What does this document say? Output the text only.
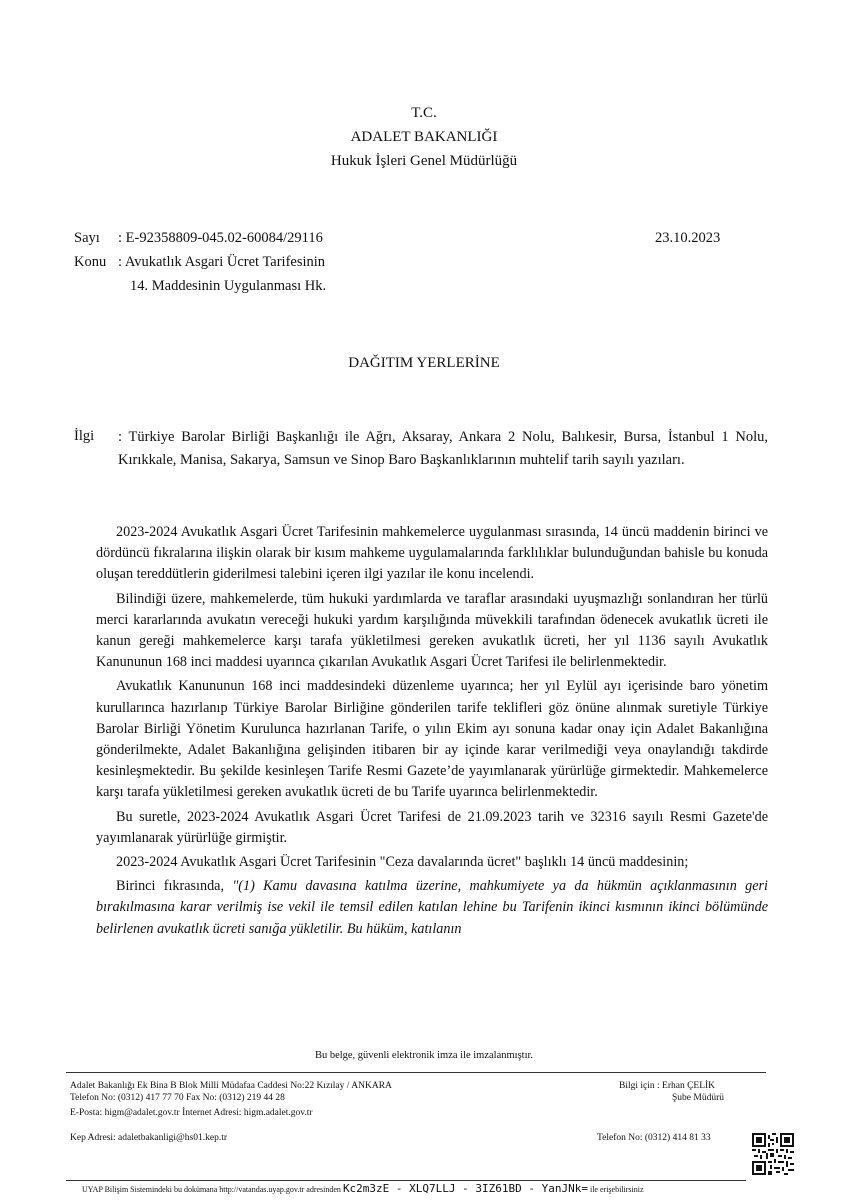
T.C.
ADALET BAKANLIĞI
Hukuk İşleri Genel Müdürlüğü
Sayı : E-92358809-045.02-60084/29116	23.10.2023
Konu : Avukatlık Asgari Ücret Tarifesinin
14. Maddesinin Uygulanması Hk.
DAĞITIM YERLERİNE
İlgi : Türkiye Barolar Birliği Başkanlığı ile Ağrı, Aksaray, Ankara 2 Nolu, Balıkesir, Bursa, İstanbul 1 Nolu, Kırıkkale, Manisa, Sakarya, Samsun ve Sinop Baro Başkanlıklarının muhtelif tarih sayılı yazıları.

2023-2024 Avukatlık Asgari Ücret Tarifesinin mahkemelerce uygulanması sırasında, 14 üncü maddenin birinci ve dördüncü fıkralarına ilişkin olarak bir kısım mahkeme uygulamalarında farklılıklar bulunduğundan bahisle bu konuda oluşan tereddütlerin giderilmesi talebini içeren ilgi yazılar ile konu incelendi.

Bilindiği üzere, mahkemelerde, tüm hukuki yardımlarda ve taraflar arasındaki uyuşmazlığı sonlandıran her türlü merci kararlarında avukatın vereceği hukuki yardım karşılığında müvekkili tarafından ödenecek avukatlık ücreti ile kanun gereği mahkemelerce karşı tarafa yükletilmesi gereken avukatlık ücreti, her yıl 1136 sayılı Avukatlık Kanununun 168 inci maddesi uyarınca çıkarılan Avukatlık Asgari Ücret Tarifesi ile belirlenmektedir.

Avukatlık Kanununun 168 inci maddesindeki düzenleme uyarınca; her yıl Eylül ayı içerisinde baro yönetim kurullarınca hazırlanıp Türkiye Barolar Birliğine gönderilen tarife teklifleri göz önüne alınmak suretiyle Türkiye Barolar Birliği Yönetim Kurulunca hazırlanan Tarife, o yılın Ekim ayı sonuna kadar onay için Adalet Bakanlığına gönderilmekte, Adalet Bakanlığına gelişinden itibaren bir ay içinde karar verilmediği veya onaylandığı takdirde kesinleşmektedir. Bu şekilde kesinleşen Tarife Resmi Gazete’de yayımlanarak yürürlüğe girmektedir. Mahkemelerce karşı tarafa yükletilmesi gereken avukatlık ücreti de bu Tarife uyarınca belirlenmektedir.

Bu suretle, 2023-2024 Avukatlık Asgari Ücret Tarifesi de 21.09.2023 tarih ve 32316 sayılı Resmi Gazete'de yayımlanarak yürürlüğe girmiştir.

2023-2024 Avukatlık Asgari Ücret Tarifesinin "Ceza davalarında ücret" başlıklı 14 üncü maddesinin;

Birinci fıkrasında, "(1) Kamu davasına katılma üzerine, mahkumiyete ya da hükmün açıklanmasının geri bırakılmasına karar verilmiş ise vekil ile temsil edilen katılan lehine bu Tarifenin ikinci kısmının ikinci bölümünde belirlenen avukatlık ücreti sanığa yükletilir. Bu hüküm, katılanın

Bu belge, güvenli elektronik imza ile imzalanmıştır.
Adalet Bakanlığı Ek Bina B Blok Milli Müdafaa Caddesi No:22 Kızılay / ANKARA
Telefon No: (0312) 417 77 70 Fax No: (0312) 219 44 28
E-Posta: higm@adalet.gov.tr İnternet Adresi: higm.adalet.gov.tr
Kep Adresi: adaletbakanligi@hs01.kep.tr
Bilgi için : Erhan ÇELİK
Şube Müdürü
Telefon No: (0312) 414 81 33
UYAP Bilişim Sistemindeki bu dokümana http://vatandas.uyap.gov.tr adresinden Kc2m3zE - XLQ7LLJ - 3IZ61BD - YanJNk= ile erişebilirsiniz
